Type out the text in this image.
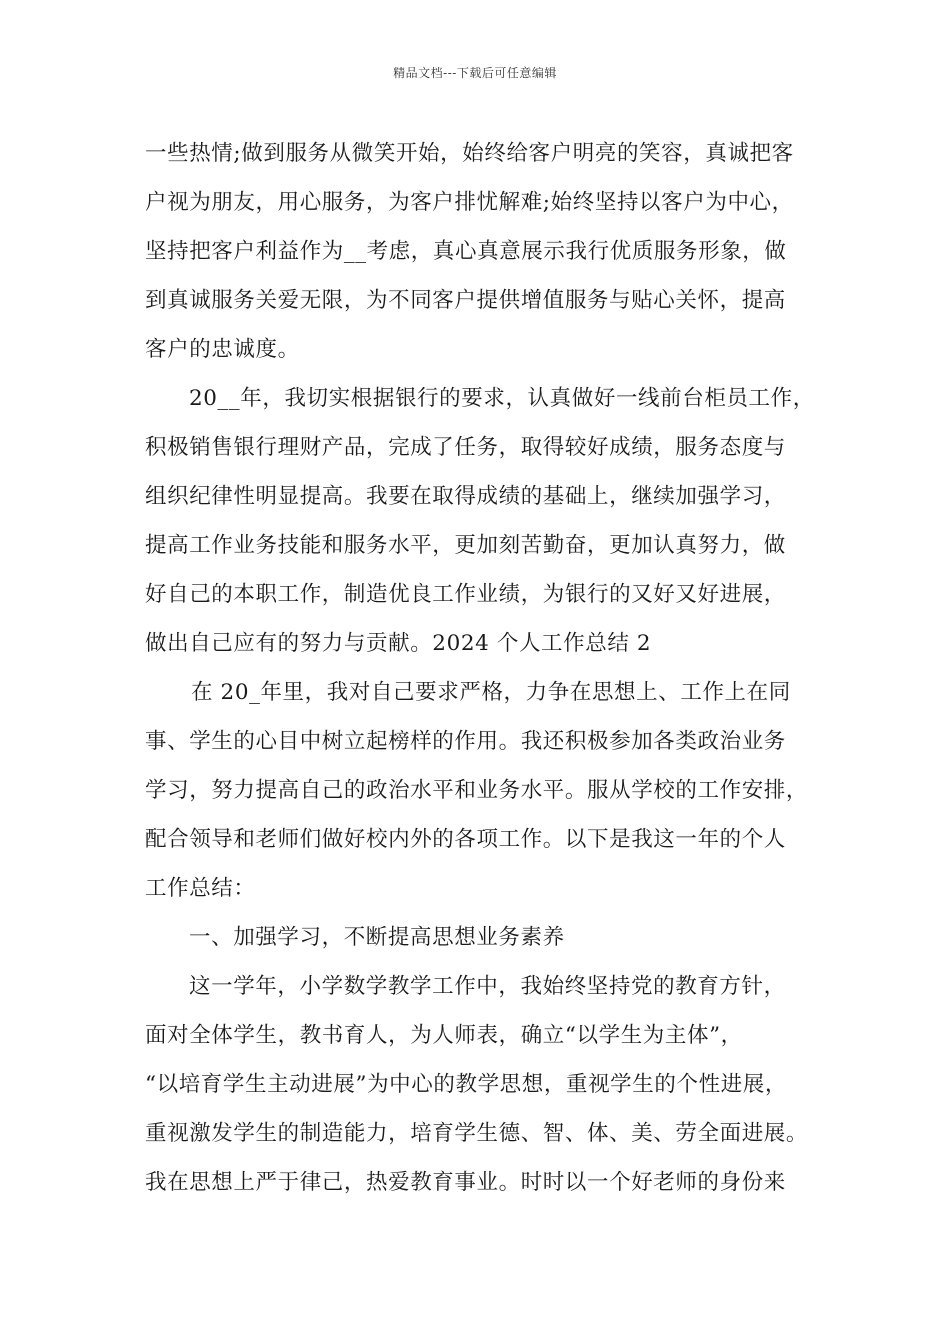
精品文档---下载后可任意编辑
一些热情;做到服务从微笑开始，始终给客户明亮的笑容，真诚把客
户视为朋友，用心服务，为客户排忧解难;始终坚持以客户为中心，
坚持把客户利益作为__考虑，真心真意展示我行优质服务形象，做
到真诚服务关爱无限，为不同客户提供增值服务与贴心关怀，提高
客户的忠诚度。
20__年，我切实根据银行的要求，认真做好一线前台柜员工作，
积极销售银行理财产品，完成了任务，取得较好成绩，服务态度与
组织纪律性明显提高。我要在取得成绩的基础上，继续加强学习，
提高工作业务技能和服务水平，更加刻苦勤奋，更加认真努力，做
好自己的本职工作，制造优良工作业绩，为银行的又好又好进展，
做出自己应有的努力与贡献。2024 个人工作总结 2
在 20_年里，我对自己要求严格，力争在思想上、工作上在同
事、学生的心目中树立起榜样的作用。我还积极参加各类政治业务
学习，努力提高自己的政治水平和业务水平。服从学校的工作安排，
配合领导和老师们做好校内外的各项工作。以下是我这一年的个人
工作总结：
一、加强学习，不断提高思想业务素养
这一学年，小学数学教学工作中，我始终坚持党的教育方针，
面对全体学生，教书育人，为人师表，确立“以学生为主体”，
“以培育学生主动进展”为中心的教学思想，重视学生的个性进展，
重视激发学生的制造能力，培育学生德、智、体、美、劳全面进展。
我在思想上严于律己，热爱教育事业。时时以一个好老师的身份来
